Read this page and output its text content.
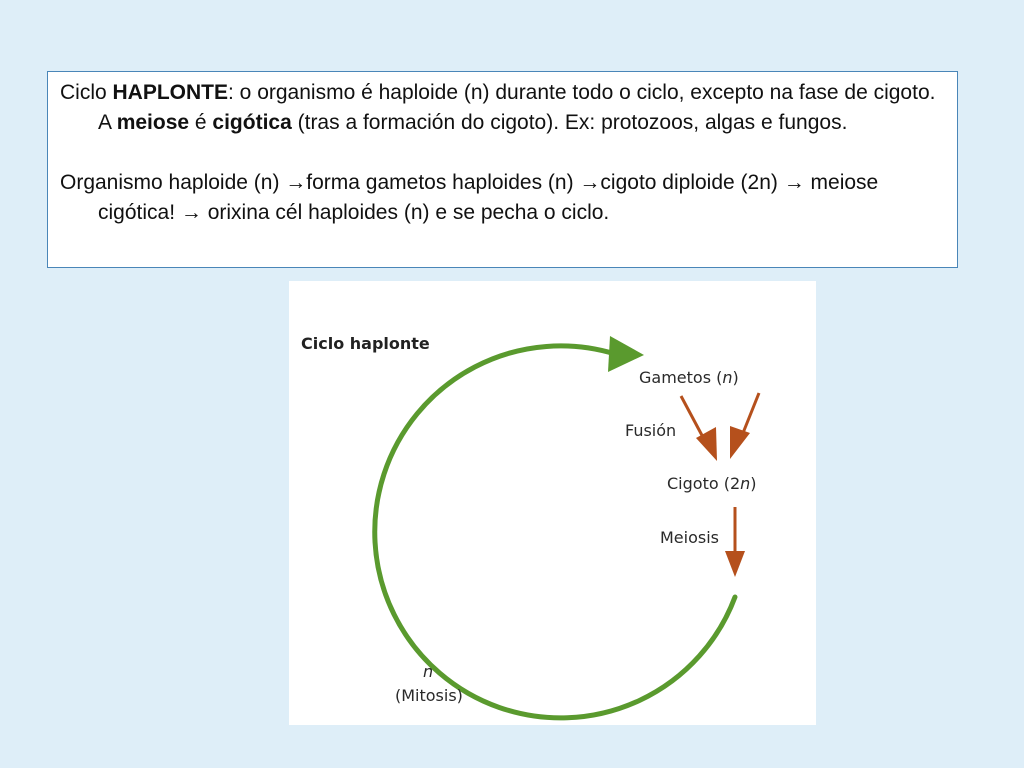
Ciclo HAPLONTE: o organismo é haploide (n) durante todo o ciclo, excepto na fase de cigoto. A meiose é cigótica (tras a formación do cigoto). Ex: protozoos, algas e fungos.

Organismo haploide (n) →forma gametos haploides (n) →cigoto diploide (2n) → meiose cigótica! → orixina cél haploides (n) e se pecha o ciclo.

Ciclo haplonte
Gametos (n)
Fusión
Cigoto (2n)
Meiosis
n
(Mitosis)
